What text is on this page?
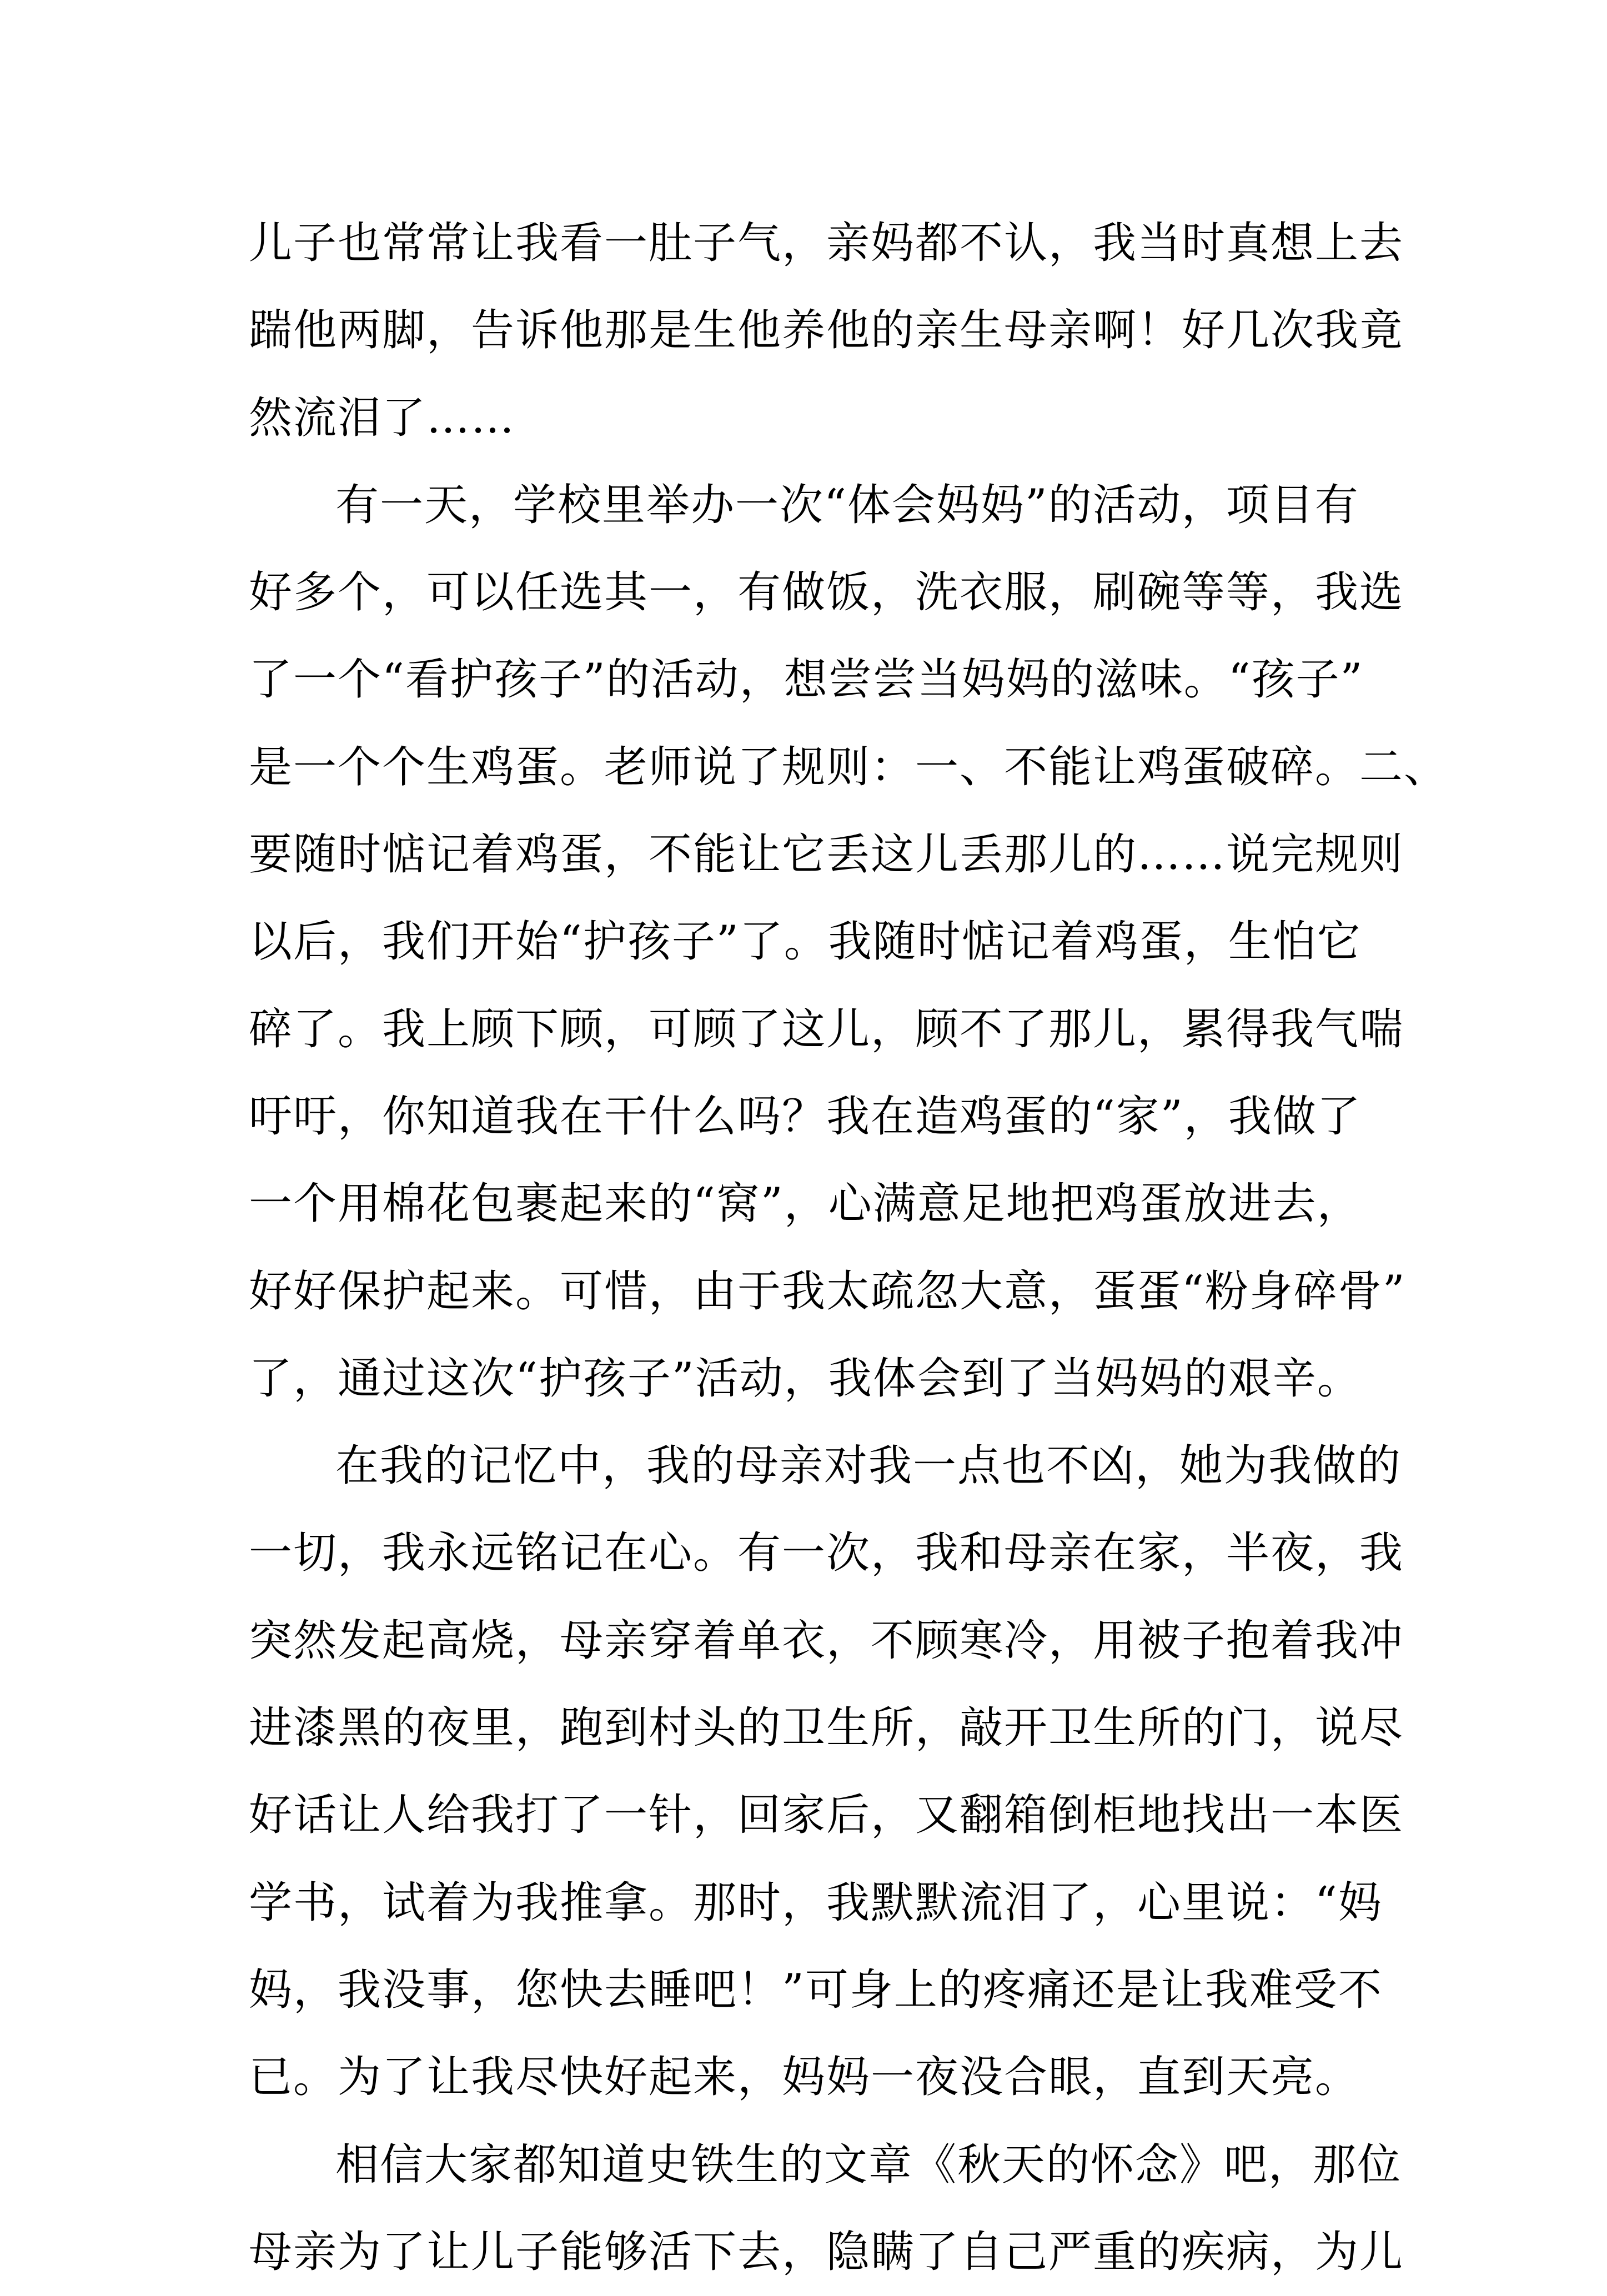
儿子也常常让我看一肚子气，亲妈都不认，我当时真想上去
踹他两脚，告诉他那是生他养他的亲生母亲啊！好几次我竟
然流泪了……
有一天，学校里举办一次“体会妈妈”的活动，项目有
好多个，可以任选其一，有做饭，洗衣服，刷碗等等，我选
了一个“看护孩子”的活动，想尝尝当妈妈的滋味。“孩子”
是一个个生鸡蛋。老师说了规则：一、不能让鸡蛋破碎。二、
要随时惦记着鸡蛋，不能让它丢这儿丢那儿的……说完规则
以后，我们开始“护孩子”了。我随时惦记着鸡蛋，生怕它
碎了。我上顾下顾，可顾了这儿，顾不了那儿，累得我气喘
吁吁，你知道我在干什么吗？我在造鸡蛋的“家”，我做了
一个用棉花包裹起来的“窝”，心满意足地把鸡蛋放进去，
好好保护起来。可惜，由于我太疏忽大意，蛋蛋“粉身碎骨”
了，通过这次“护孩子”活动，我体会到了当妈妈的艰辛。
在我的记忆中，我的母亲对我一点也不凶，她为我做的
一切，我永远铭记在心。有一次，我和母亲在家，半夜，我
突然发起高烧，母亲穿着单衣，不顾寒冷，用被子抱着我冲
进漆黑的夜里，跑到村头的卫生所，敲开卫生所的门，说尽
好话让人给我打了一针，回家后，又翻箱倒柜地找出一本医
学书，试着为我推拿。那时，我默默流泪了，心里说：“妈
妈，我没事，您快去睡吧！”可身上的疼痛还是让我难受不
已。为了让我尽快好起来，妈妈一夜没合眼，直到天亮。
相信大家都知道史铁生的文章《秋天的怀念》吧，那位
母亲为了让儿子能够活下去，隐瞒了自己严重的疾病，为儿
